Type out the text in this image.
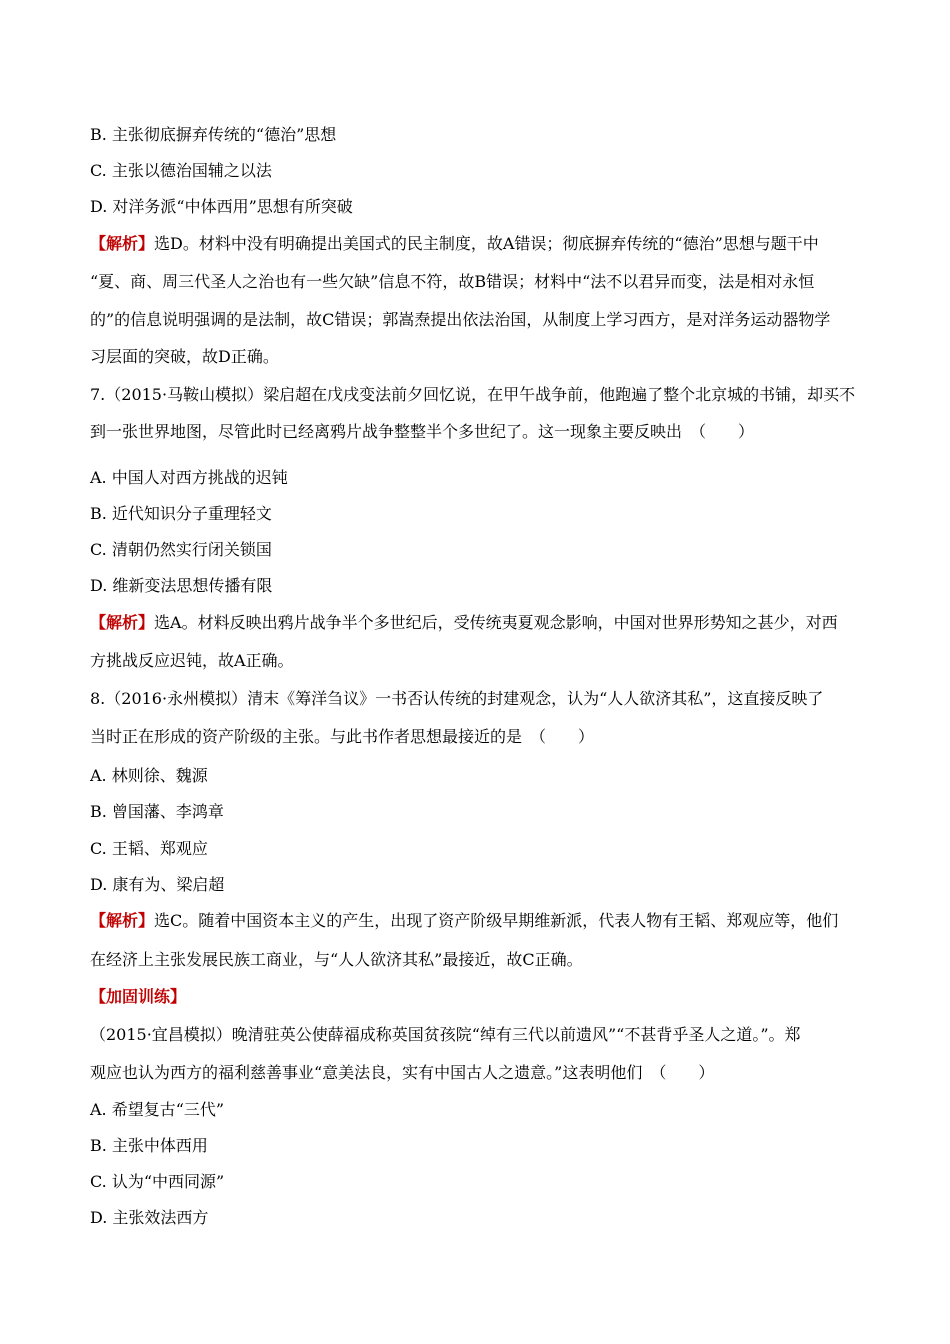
B. 主张彻底摒弃传统的“德治”思想
C. 主张以德治国辅之以法
D. 对洋务派“中体西用”思想有所突破
【解析】选D。材料中没有明确提出美国式的民主制度，故A错误；彻底摒弃传统的“德治”思想与题干中
“夏、商、周三代圣人之治也有一些欠缺”信息不符，故B错误；材料中“法不以君异而变，法是相对永恒
的”的信息说明强调的是法制，故C错误；郭嵩焘提出依法治国，从制度上学习西方，是对洋务运动器物学
习层面的突破，故D正确。
7.（2015·马鞍山模拟）梁启超在戊戌变法前夕回忆说，在甲午战争前，他跑遍了整个北京城的书铺，却买不
到一张世界地图，尽管此时已经离鸦片战争整整半个多世纪了。这一现象主要反映出　（　　）
A. 中国人对西方挑战的迟钝
B. 近代知识分子重理轻文
C. 清朝仍然实行闭关锁国
D. 维新变法思想传播有限
【解析】选A。材料反映出鸦片战争半个多世纪后，受传统夷夏观念影响，中国对世界形势知之甚少，对西
方挑战反应迟钝，故A正确。
8.（2016·永州模拟）清末《筹洋刍议》一书否认传统的封建观念，认为“人人欲济其私”，这直接反映了
当时正在形成的资产阶级的主张。与此书作者思想最接近的是　（　　）
A. 林则徐、魏源
B. 曾国藩、李鸿章
C. 王韬、郑观应
D. 康有为、梁启超
【解析】选C。随着中国资本主义的产生，出现了资产阶级早期维新派，代表人物有王韬、郑观应等，他们
在经济上主张发展民族工商业，与“人人欲济其私”最接近，故C正确。
【加固训练】
（2015·宜昌模拟）晚清驻英公使薛福成称英国贫孩院“绰有三代以前遗风”“不甚背乎圣人之道。”。郑
观应也认为西方的福利慈善事业“意美法良，实有中国古人之遗意。”这表明他们　（　　）
A. 希望复古“三代”
B. 主张中体西用
C. 认为“中西同源”
D. 主张效法西方
